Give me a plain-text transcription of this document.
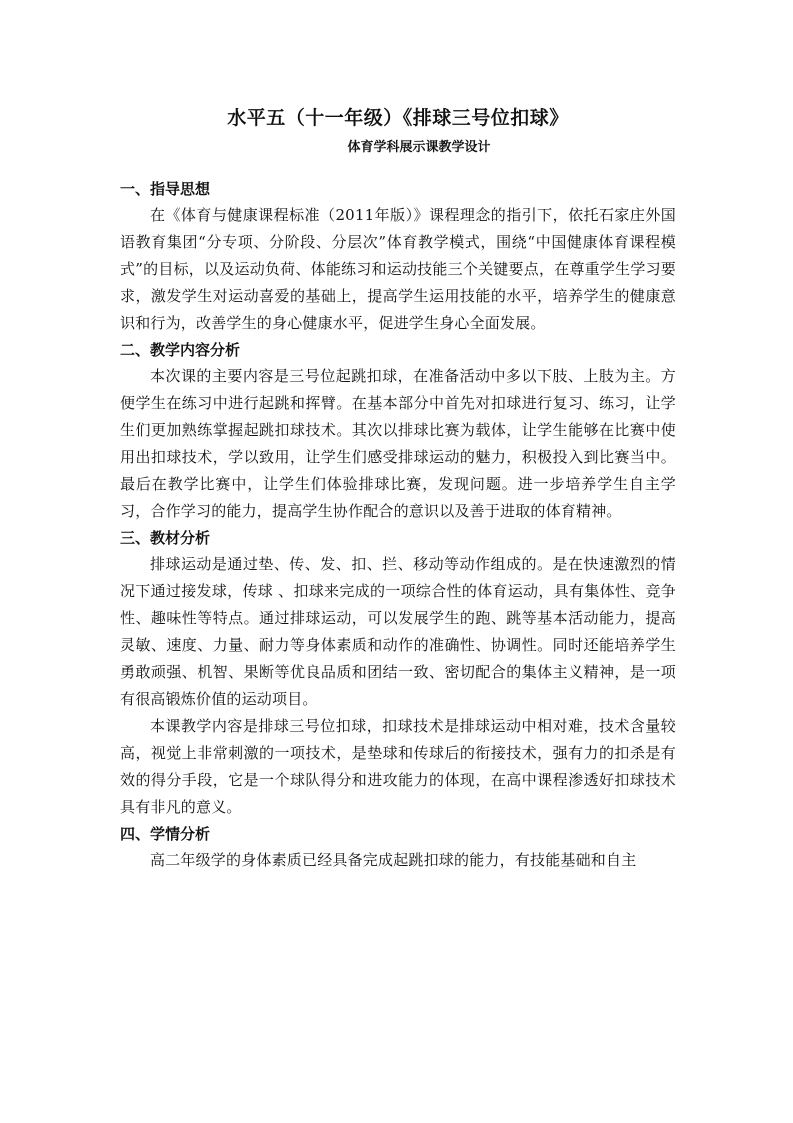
水平五（十一年级）《排球三号位扣球》
体育学科展示课教学设计
一、指导思想

在《体育与健康课程标准（2011年版）》课程理念的指引下，依托石家庄外国语教育集团“分专项、分阶段、分层次”体育教学模式，围绕“中国健康体育课程模式”的目标，以及运动负荷、体能练习和运动技能三个关键要点，在尊重学生学习要求，激发学生对运动喜爱的基础上，提高学生运用技能的水平，培养学生的健康意识和行为，改善学生的身心健康水平，促进学生身心全面发展。

二、教学内容分析

本次课的主要内容是三号位起跳扣球，在准备活动中多以下肢、上肢为主。方便学生在练习中进行起跳和挥臂。在基本部分中首先对扣球进行复习、练习，让学生们更加熟练掌握起跳扣球技术。其次以排球比赛为载体，让学生能够在比赛中使用出扣球技术，学以致用，让学生们感受排球运动的魅力，积极投入到比赛当中。最后在教学比赛中，让学生们体验排球比赛，发现问题。进一步培养学生自主学习，合作学习的能力，提高学生协作配合的意识以及善于进取的体育精神。

三、教材分析

排球运动是通过垫、传、发、扣、拦、移动等动作组成的。是在快速激烈的情况下通过接发球，传球 、扣球来完成的一项综合性的体育运动，具有集体性、竞争性、趣味性等特点。通过排球运动，可以发展学生的跑、跳等基本活动能力，提高灵敏、速度、力量、耐力等身体素质和动作的准确性、协调性。同时还能培养学生勇敢顽强、机智、果断等优良品质和团结一致、密切配合的集体主义精神，是一项有很高锻炼价值的运动项目。

本课教学内容是排球三号位扣球，扣球技术是排球运动中相对难，技术含量较高，视觉上非常刺激的一项技术，是垫球和传球后的衔接技术，强有力的扣杀是有效的得分手段，它是一个球队得分和进攻能力的体现，在高中课程渗透好扣球技术具有非凡的意义。

四、学情分析

高二年级学的身体素质已经具备完成起跳扣球的能力，有技能基础和自主
